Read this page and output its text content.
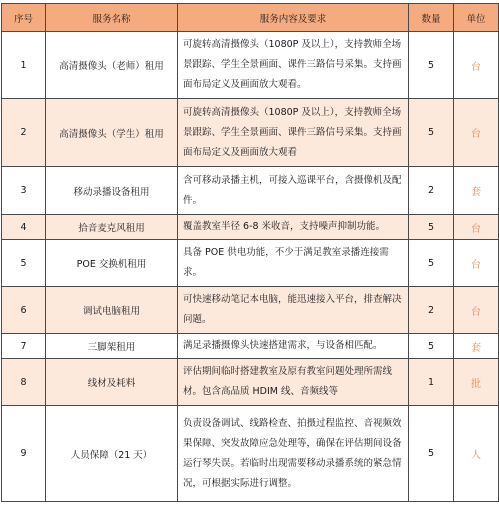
序号	服务名称	服务内容及要求	数量	单位
1	高清摄像头（老师）租用	可旋转高清摄像头（1080P 及以上），支持教师全场景跟踪、学生全景画面、课件三路信号采集。支持画面布局定义及画面放大观看。	5	台
2	高清摄像头（学生）租用	可旋转高清摄像头（1080P 及以上），支持教师全场景跟踪、学生全景画面、课件三路信号采集。支持画面布局定义及画面放大观看	5	台
3	移动录播设备租用	含可移动录播主机，可接入巡课平台，含摄像机及配件。	2	套
4	拾音麦克风租用	覆盖教室半径 6-8 米收音，支持噪声抑制功能。	5	台
5	POE 交换机租用	具备 POE 供电功能，不少于满足教室录播连接需求。	5	台
6	调试电脑租用	可快速移动笔记本电脑，能迅速接入平台，排查解决问题。	2	台
7	三脚架租用	满足录播摄像头快速搭建需求，与设备相匹配。	5	套
8	线材及耗料	评估期间临时搭建教室及原有教室问题处理所需线材。包含高品质 HDIM 线、音频线等	1	批
9	人员保障（21 天）	负责设备调试、线路检查、拍摄过程监控、音视频效果保障、突发故障应急处理等，确保在评估期间设备运行琴失误。若临时出现需要移动录播系统的紧急情况，可根据实际进行调整。	5	人
